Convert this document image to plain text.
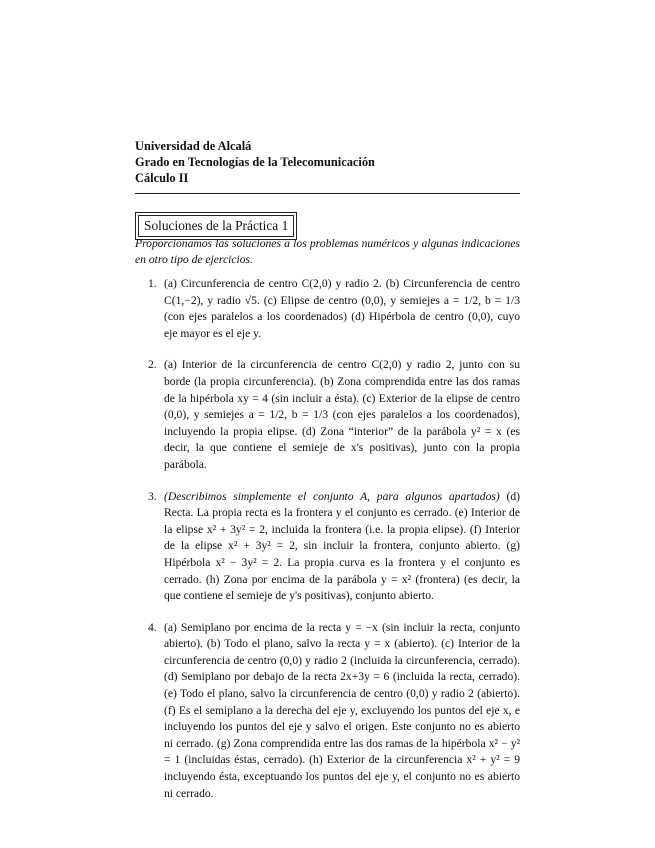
Universidad de Alcalá
Grado en Tecnologías de la Telecomunicación
Cálculo II
Soluciones de la Práctica 1
Proporcionamos las soluciones a los problemas numéricos y algunas indicaciones en otro tipo de ejercicios.
1. (a) Circunferencia de centro C(2,0) y radio 2. (b) Circunferencia de centro C(1,−2), y radio √5. (c) Elipse de centro (0,0), y semiejes a = 1/2, b = 1/3 (con ejes paralelos a los coordenados) (d) Hipérbola de centro (0,0), cuyo eje mayor es el eje y.
2. (a) Interior de la circunferencia de centro C(2,0) y radio 2, junto con su borde (la propia circunferencia). (b) Zona comprendida entre las dos ramas de la hipérbola xy = 4 (sin incluir a ésta). (c) Exterior de la elipse de centro (0,0), y semiejes a = 1/2, b = 1/3 (con ejes paralelos a los coordenados), incluyendo la propia elipse. (d) Zona “interior” de la parábola y² = x (es decir, la que contiene el semieje de x's positivas), junto con la propia parábola.
3. (Describimos simplemente el conjunto A, para algunos apartados) (d) Recta. La propia recta es la frontera y el conjunto es cerrado. (e) Interior de la elipse x² + 3y² = 2, incluida la frontera (i.e. la propia elipse). (f) Interior de la elipse x² + 3y² = 2, sin incluir la frontera, conjunto abierto. (g) Hipérbola x² − 3y² = 2. La propia curva es la frontera y el conjunto es cerrado. (h) Zona por encima de la parábola y = x² (frontera) (es decir, la que contiene el semieje de y's positivas), conjunto abierto.
4. (a) Semiplano por encima de la recta y = −x (sin incluir la recta, conjunto abierto). (b) Todo el plano, salvo la recta y = x (abierto). (c) Interior de la circunferencia de centro (0,0) y radio 2 (incluida la circunferencia, cerrado). (d) Semiplano por debajo de la recta 2x+3y = 6 (incluida la recta, cerrado). (e) Todo el plano, salvo la circunferencia de centro (0,0) y radio 2 (abierto). (f) Es el semiplano a la derecha del eje y, excluyendo los puntos del eje x, e incluyendo los puntos del eje y salvo el origen. Este conjunto no es abierto ni cerrado. (g) Zona comprendida entre las dos ramas de la hipérbola x² − y² = 1 (incluidas éstas, cerrado). (h) Exterior de la circunferencia x² + y² = 9 incluyendo ésta, exceptuando los puntos del eje y, el conjunto no es abierto ni cerrado.
